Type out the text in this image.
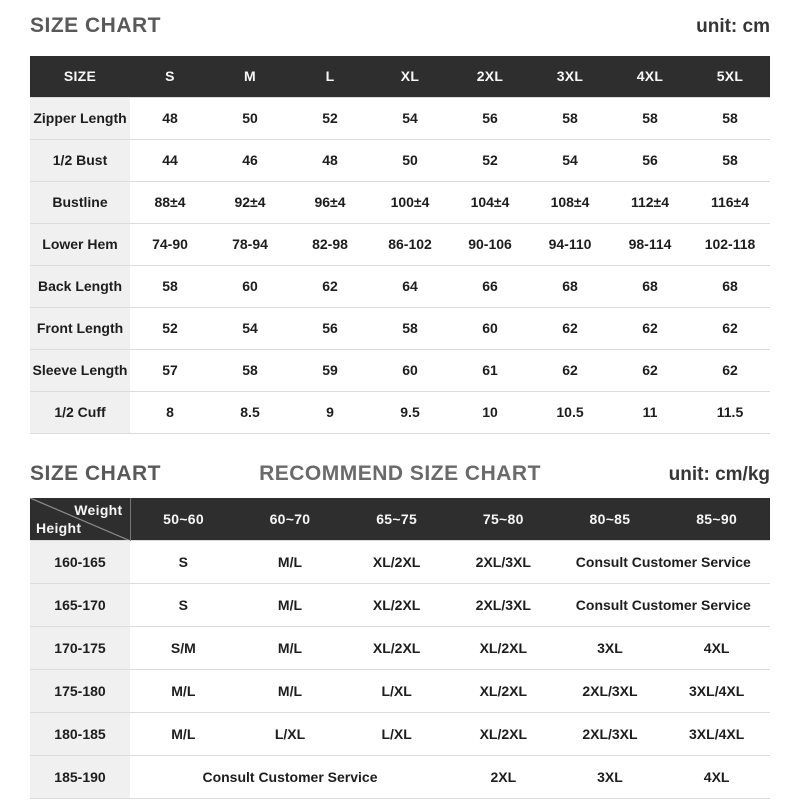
SIZE CHART	unit: cm
SIZE	S	M	L	XL	2XL	3XL	4XL	5XL
Zipper Length	48	50	52	54	56	58	58	58
1/2 Bust	44	46	48	50	52	54	56	58
Bustline	88±4	92±4	96±4	100±4	104±4	108±4	112±4	116±4
Lower Hem	74-90	78-94	82-98	86-102	90-106	94-110	98-114	102-118
Back Length	58	60	62	64	66	68	68	68
Front Length	52	54	56	58	60	62	62	62
Sleeve Length	57	58	59	60	61	62	62	62
1/2 Cuff	8	8.5	9	9.5	10	10.5	11	11.5
SIZE CHART	RECOMMEND SIZE CHART	unit: cm/kg
Weight
Height	50~60	60~70	65~75	75~80	80~85	85~90
160-165	S	M/L	XL/2XL	2XL/3XL	Consult Customer Service	
165-170	S	M/L	XL/2XL	2XL/3XL	Consult Customer Service	
170-175	S/M	M/L	XL/2XL	XL/2XL	3XL	4XL
175-180	M/L	M/L	L/XL	XL/2XL	2XL/3XL	3XL/4XL
180-185	M/L	L/XL	L/XL	XL/2XL	2XL/3XL	3XL/4XL
185-190	Consult Customer Service			2XL	3XL	4XL
